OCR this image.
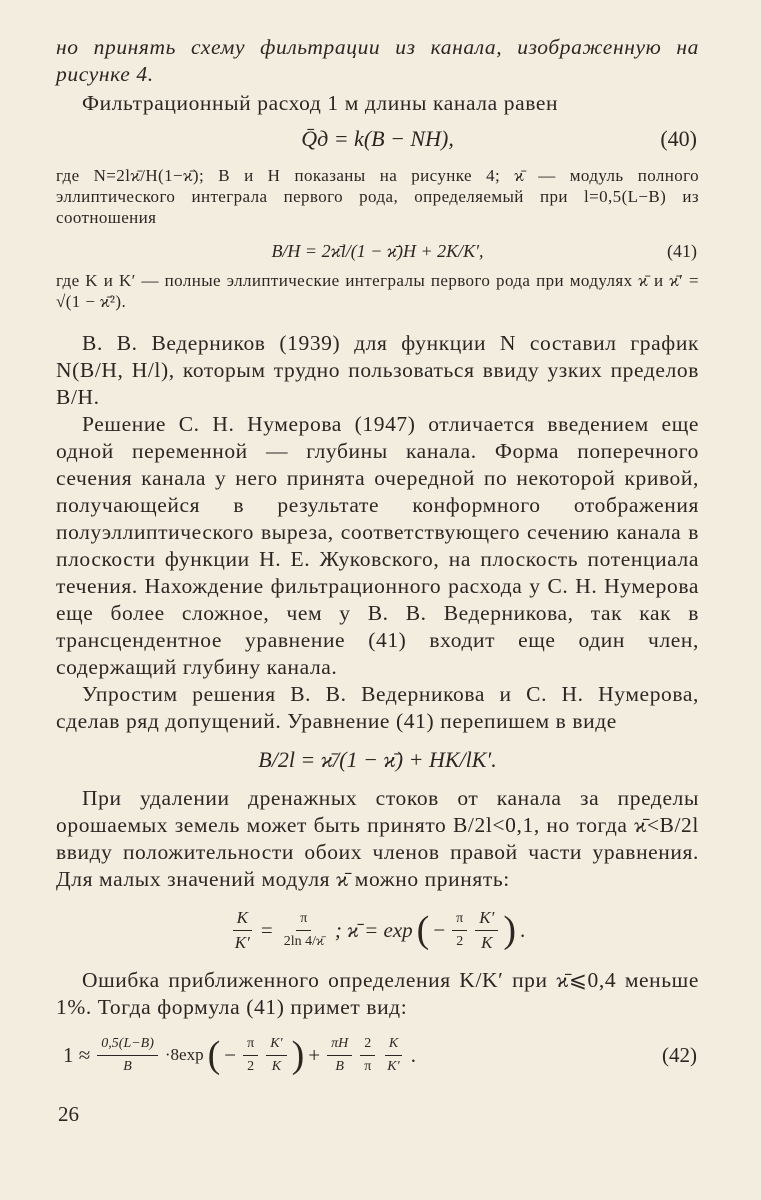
но принять схему фильтрации из канала, изображенную на рисунке 4.

Фильтрационный расход 1 м длины канала равен

Q̄д = k(B − NH),	(40)

где N=2lϰ̄/H(1−ϰ̄); B и H показаны на рисунке 4; ϰ̄ — модуль полного эллиптического интеграла первого рода, определяемый при l=0,5(L−B) из соотношения

B/H = 2ϰ̄l/(1 − ϰ̄)H + 2K/K′,	(41)

где K и K′ — полные эллиптические интегралы первого рода при модулях ϰ̄ и ϰ̄′ = √(1 − ϰ̄²).

В. В. Ведерников (1939) для функции N составил график N(B/H, H/l), которым трудно пользоваться ввиду узких пределов B/H.

Решение С. Н. Нумерова (1947) отличается введением еще одной переменной — глубины канала. Форма поперечного сечения канала у него принята очередной по некоторой кривой, получающейся в результате конформного отображения полуэллиптического выреза, соответствующего сечению канала в плоскости функции Н. Е. Жуковского, на плоскость потенциала течения. Нахождение фильтрационного расхода у С. Н. Нумерова еще более сложное, чем у В. В. Ведерникова, так как в трансцендентное уравнение (41) входит еще один член, содержащий глубину канала.

Упростим решения В. В. Ведерникова и С. Н. Нумерова, сделав ряд допущений. Уравнение (41) перепишем в виде

B/2l = ϰ̄/(1 − ϰ̄) + HK/lK′.

При удалении дренажных стоков от канала за пределы орошаемых земель может быть принято B/2l<0,1, но тогда ϰ̄<B/2l ввиду положительности обоих членов правой части уравнения. Для малых значений модуля ϰ̄ можно принять:

$\frac{K}{K'} = \frac{\pi}{2\ln 4/ϰ̄}$ ; ϰ̄ = exp ( − $\frac{\pi}{2} \frac{K'}{K}$ ) .

Ошибка приближенного определения K/K′ при ϰ̄⩽0,4 меньше 1%. Тогда формула (41) примет вид:

$1 \approx \frac{0,5(L-B)}{B} \cdot 8\exp$ ( − $\frac{\pi}{2} \frac{K'}{K}$ ) + $\frac{\pi H}{B} \frac{2}{\pi} \frac{K}{K'}$ .	(42)
26
